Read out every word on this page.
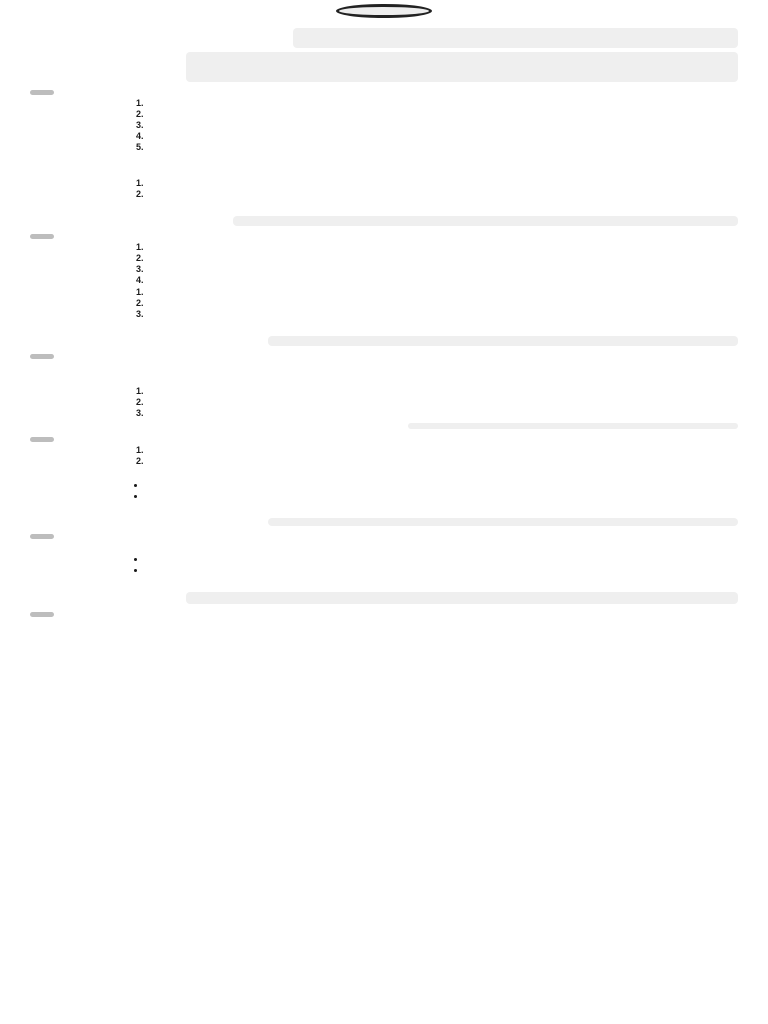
1.
2.
3.
4.
5.

1.
2.

1.
2.
3.
4.
1.
2.
3.

1.
2.
3.

1.
2.

•
•

•
•
